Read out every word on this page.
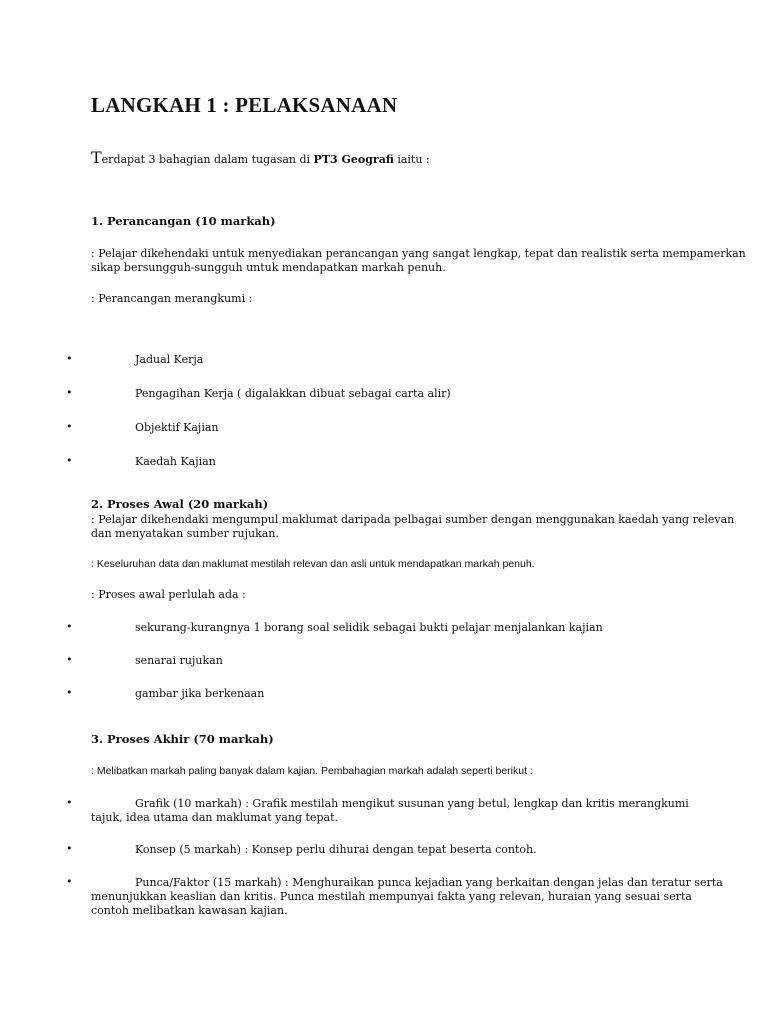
LANGKAH 1 : PELAKSANAAN
Terdapat 3 bahagian dalam tugasan di PT3 Geografi iaitu :
1. Perancangan (10 markah)
: Pelajar dikehendaki untuk menyediakan perancangan yang sangat lengkap, tepat dan realistik serta mempamerkan
sikap bersungguh-sungguh untuk mendapatkan markah penuh.
: Perancangan merangkumi :
•	Jadual Kerja
•	Pengagihan Kerja ( digalakkan dibuat sebagai carta alir)
•	Objektif Kajian
•	Kaedah Kajian
2. Proses Awal (20 markah)
: Pelajar dikehendaki mengumpul maklumat daripada pelbagai sumber dengan menggunakan kaedah yang relevan
dan menyatakan sumber rujukan.
: Keseluruhan data dan maklumat mestilah relevan dan asli untuk mendapatkan markah penuh.
: Proses awal perlulah ada :
•	sekurang-kurangnya 1 borang soal selidik sebagai bukti pelajar menjalankan kajian
•	senarai rujukan
•	gambar jika berkenaan
3. Proses Akhir (70 markah)
: Melibatkan markah paling banyak dalam kajian. Pembahagian markah adalah seperti berikut :
•	Grafik (10 markah) : Grafik mestilah mengikut susunan yang betul, lengkap dan kritis merangkumi
tajuk, idea utama dan maklumat yang tepat.
•	Konsep (5 markah) : Konsep perlu dihurai dengan tepat beserta contoh.
•	Punca/Faktor (15 markah) : Menghuraikan punca kejadian yang berkaitan dengan jelas dan teratur serta
menunjukkan keaslian dan kritis. Punca mestilah mempunyai fakta yang relevan, huraian yang sesuai serta
contoh melibatkan kawasan kajian.
